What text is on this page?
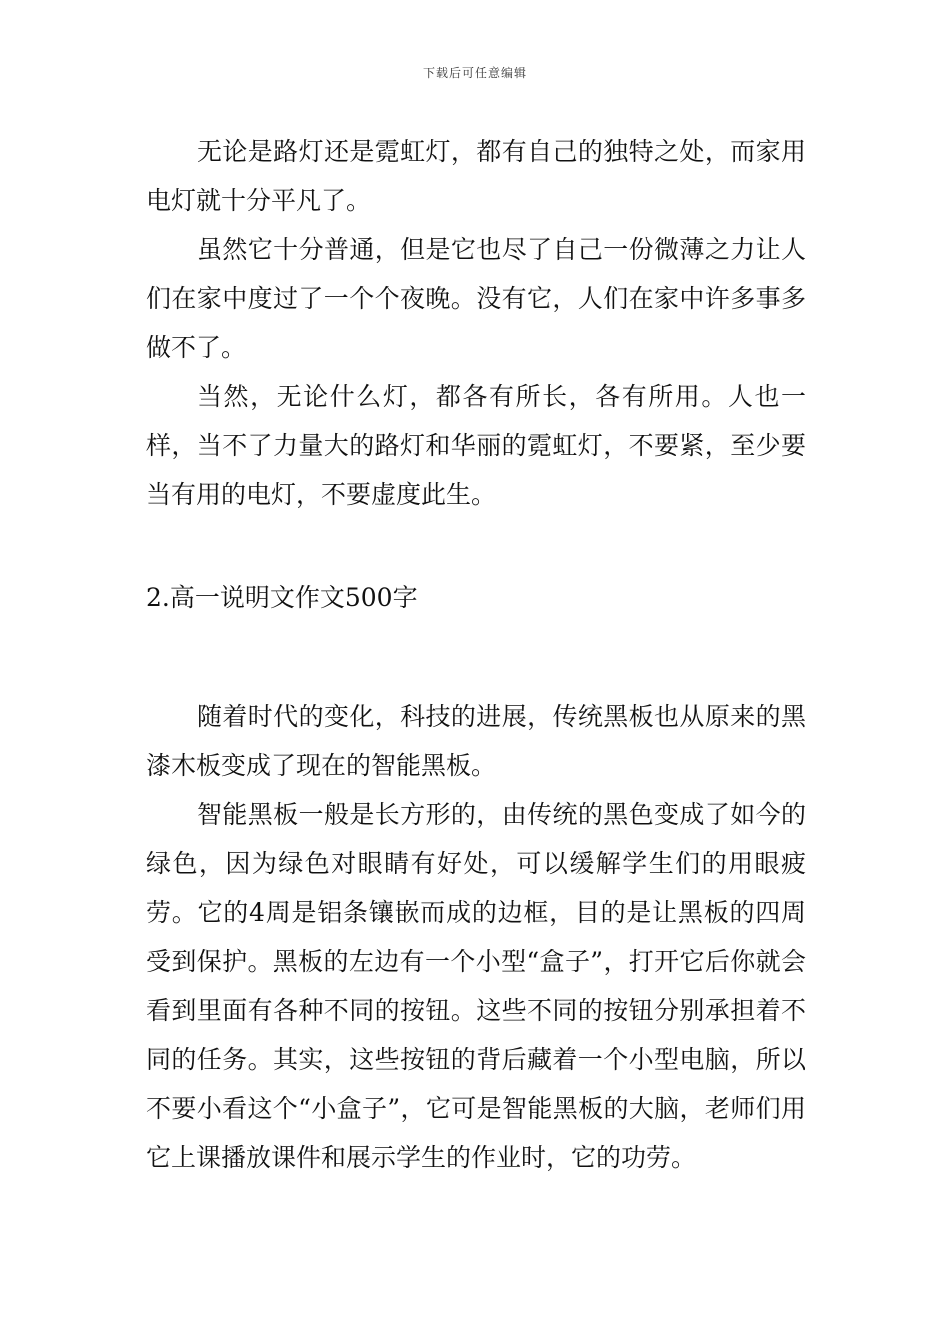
下载后可任意编辑

无论是路灯还是霓虹灯，都有自己的独特之处，而家用电灯就十分平凡了。

虽然它十分普通，但是它也尽了自己一份微薄之力让人们在家中度过了一个个夜晚。没有它，人们在家中许多事多做不了。

当然，无论什么灯，都各有所长，各有所用。人也一样，当不了力量大的路灯和华丽的霓虹灯，不要紧，至少要当有用的电灯，不要虚度此生。

2.高一说明文作文500字

随着时代的变化，科技的进展，传统黑板也从原来的黑漆木板变成了现在的智能黑板。

智能黑板一般是长方形的，由传统的黑色变成了如今的绿色，因为绿色对眼睛有好处，可以缓解学生们的用眼疲劳。它的4周是铝条镶嵌而成的边框，目的是让黑板的四周受到保护。黑板的左边有一个小型“盒子”，打开它后你就会看到里面有各种不同的按钮。这些不同的按钮分别承担着不同的任务。其实，这些按钮的背后藏着一个小型电脑，所以不要小看这个“小盒子”，它可是智能黑板的大脑，老师们用它上课播放课件和展示学生的作业时，它的功劳。
